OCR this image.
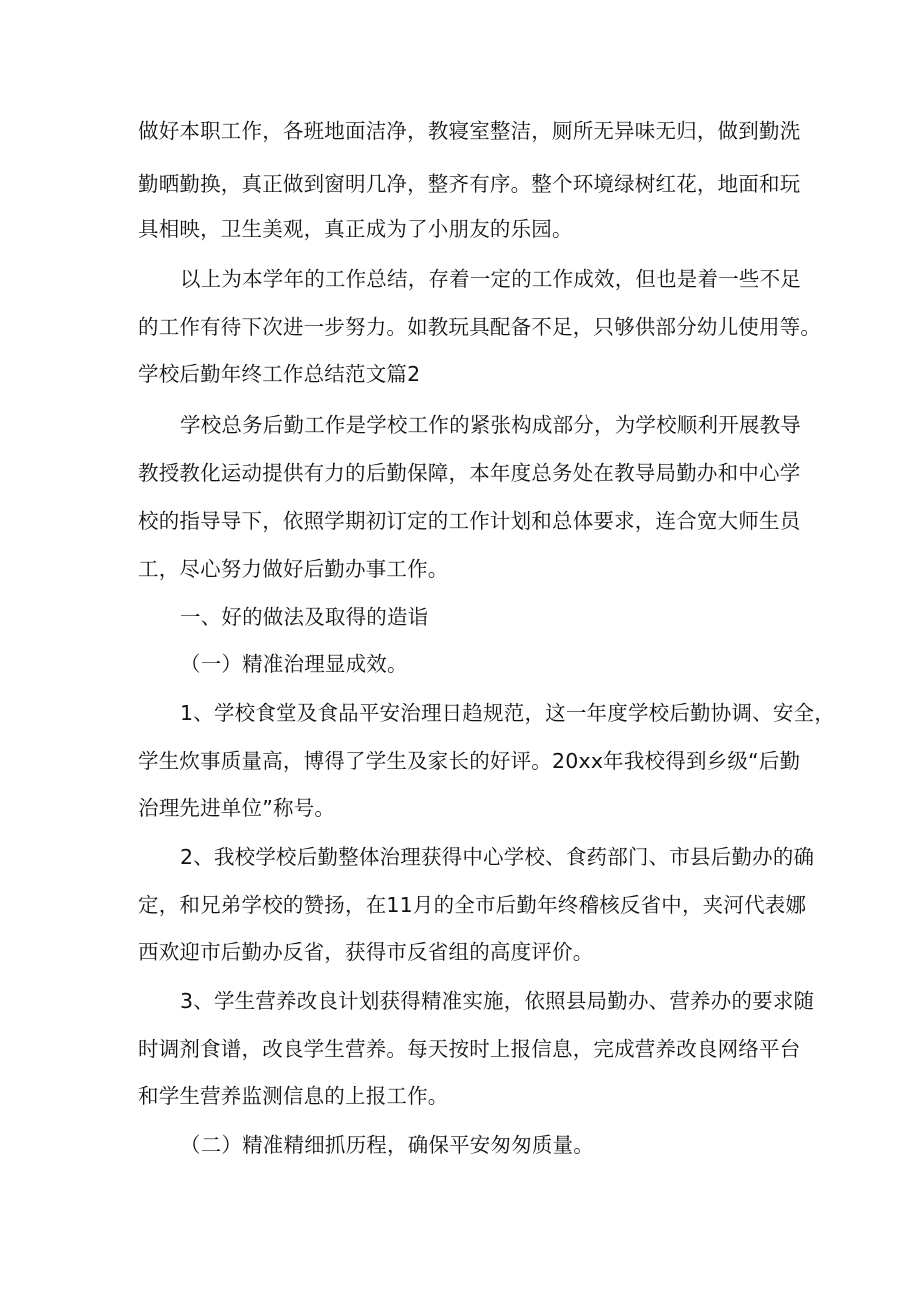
做好本职工作，各班地面洁净，教寝室整洁，厕所无异味无归，做到勤洗
勤晒勤换，真正做到窗明几净，整齐有序。整个环境绿树红花，地面和玩
具相映，卫生美观，真正成为了小朋友的乐园。
以上为本学年的工作总结，存着一定的工作成效，但也是着一些不足
的工作有待下次进一步努力。如教玩具配备不足，只够供部分幼儿使用等。
学校后勤年终工作总结范文篇2
学校总务后勤工作是学校工作的紧张构成部分，为学校顺利开展教导
教授教化运动提供有力的后勤保障，本年度总务处在教导局勤办和中心学
校的指导导下，依照学期初订定的工作计划和总体要求，连合宽大师生员
工，尽心努力做好后勤办事工作。
一、好的做法及取得的造诣
（一）精准治理显成效。
1、学校食堂及食品平安治理日趋规范，这一年度学校后勤协调、安全，
学生炊事质量高，博得了学生及家长的好评。20xx年我校得到乡级“后勤
治理先进单位”称号。
2、我校学校后勤整体治理获得中心学校、食药部门、市县后勤办的确
定，和兄弟学校的赞扬，在11月的全市后勤年终稽核反省中，夹河代表娜
西欢迎市后勤办反省，获得市反省组的高度评价。
3、学生营养改良计划获得精准实施，依照县局勤办、营养办的要求随
时调剂食谱，改良学生营养。每天按时上报信息，完成营养改良网络平台
和学生营养监测信息的上报工作。
（二）精准精细抓历程，确保平安匆匆质量。
